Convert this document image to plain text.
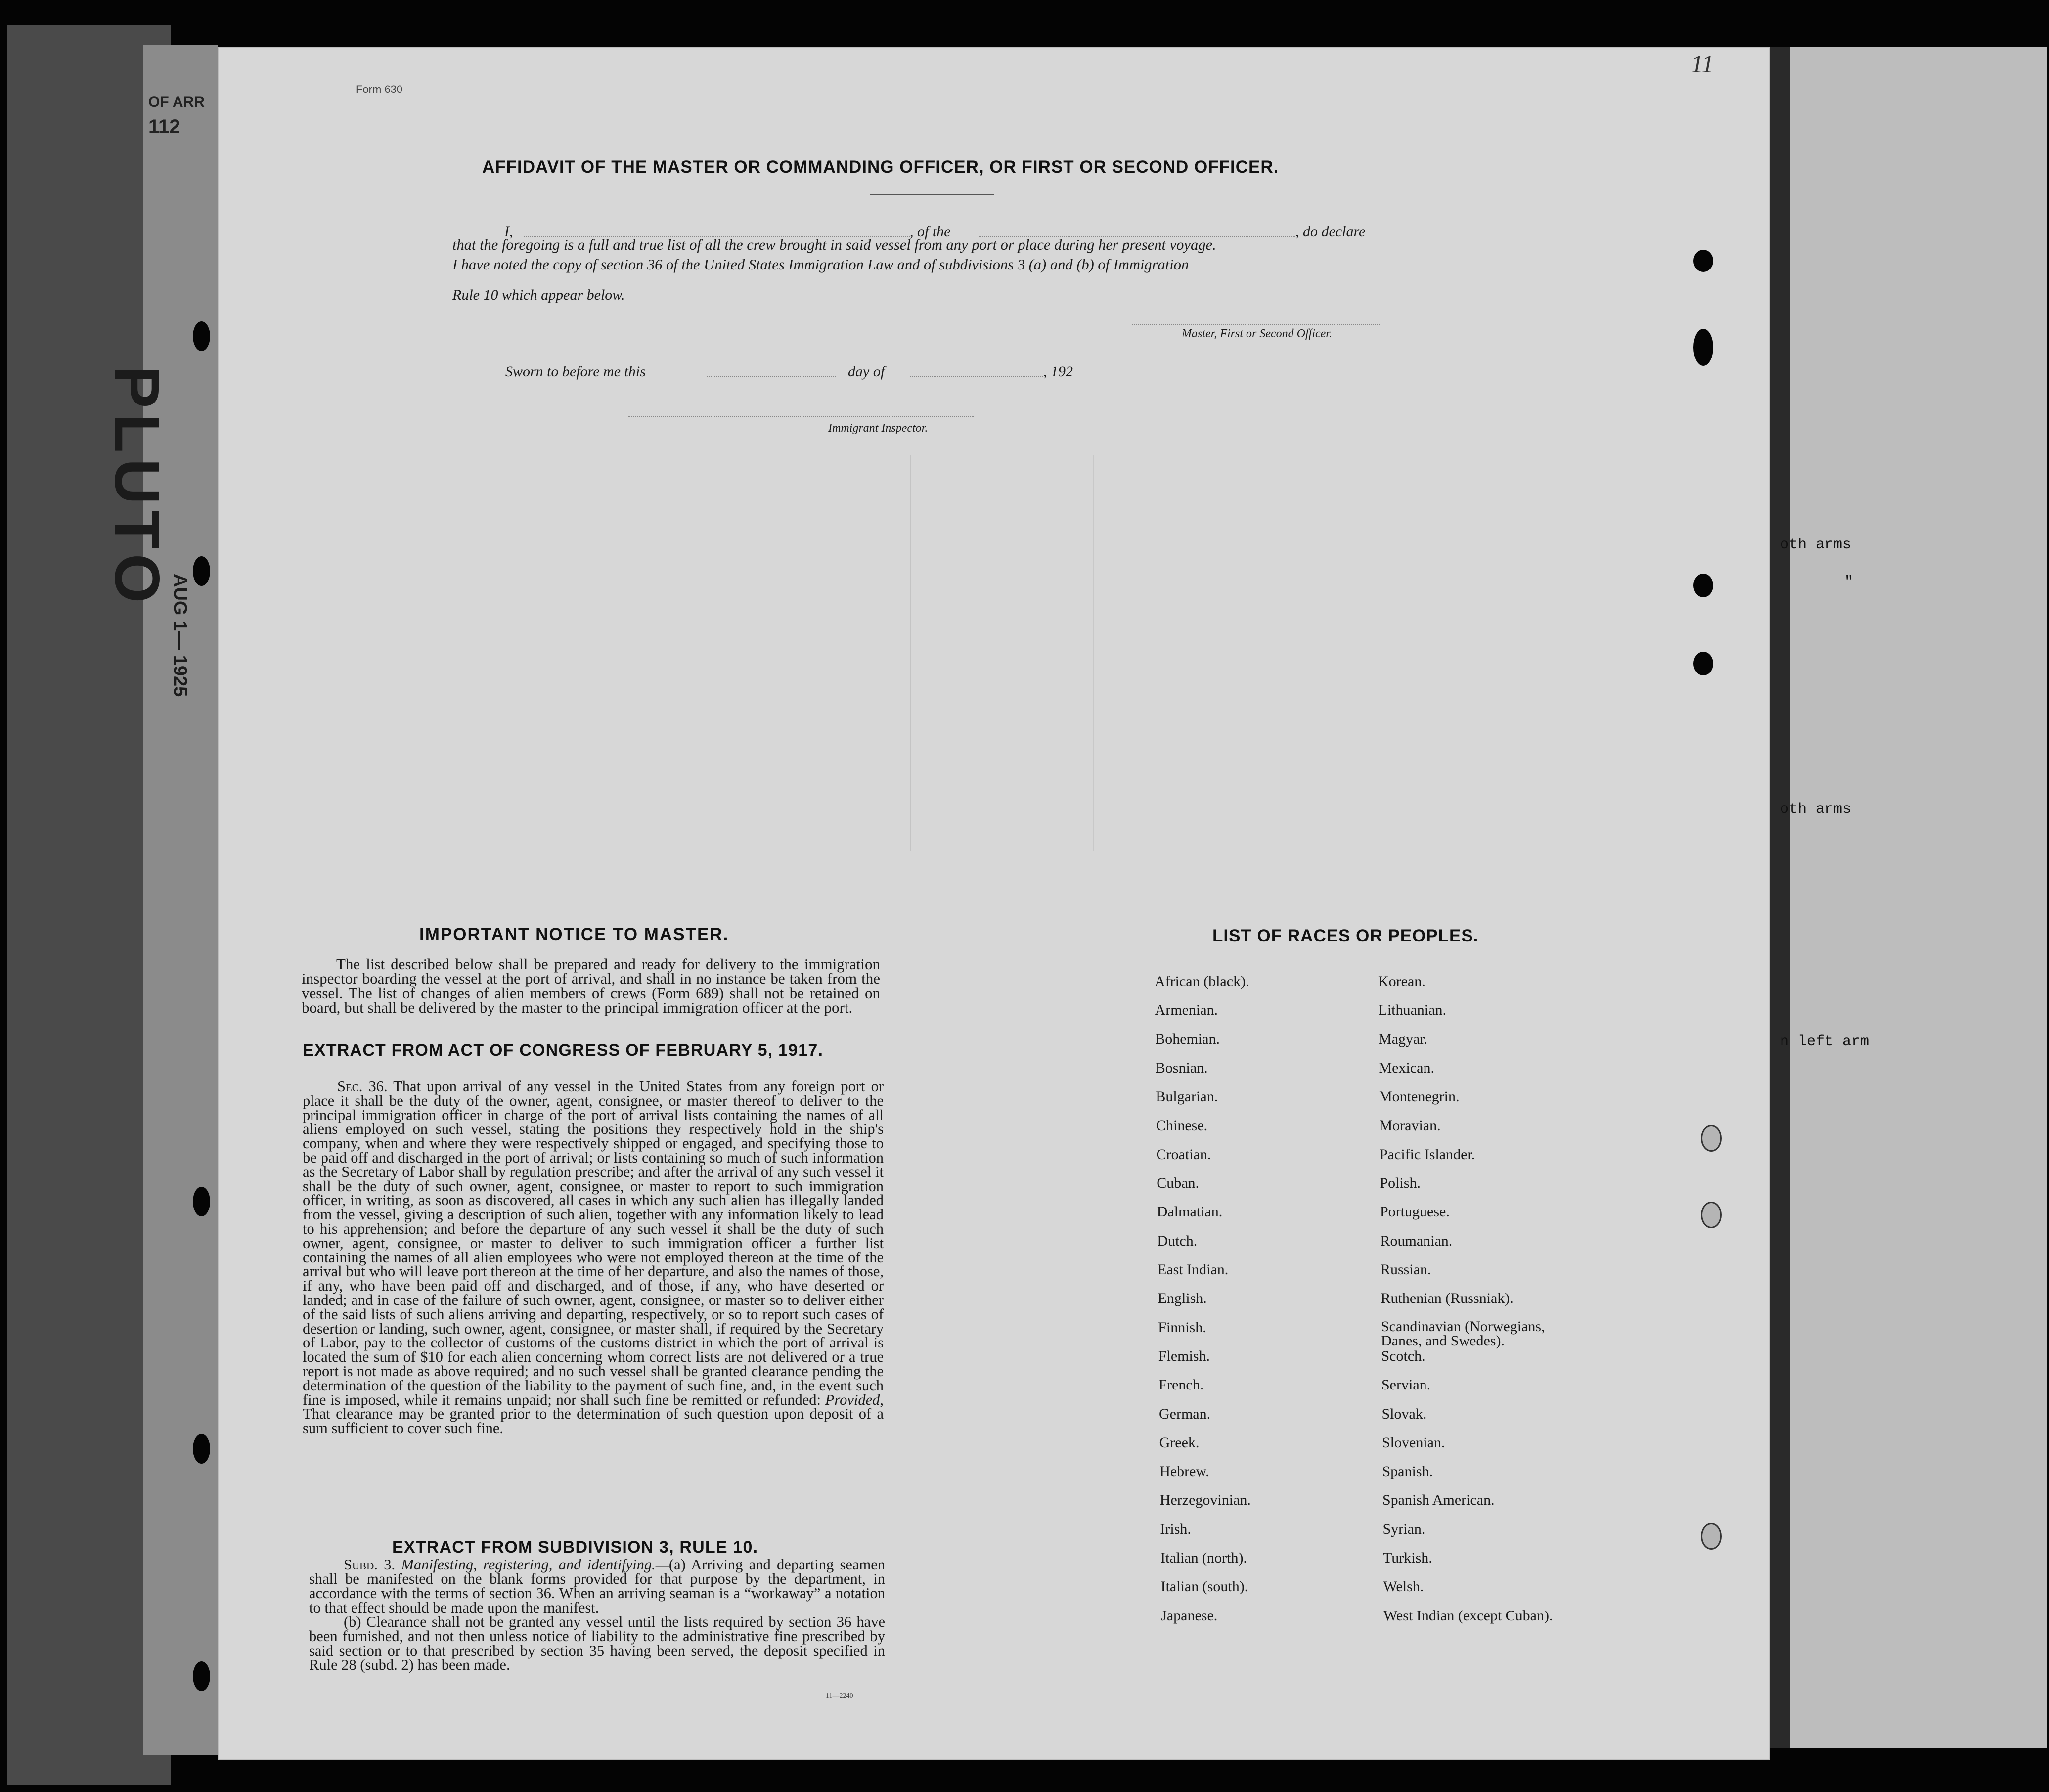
OF ARR
112
oth arms
"
oth arms
n left arm
Form 630
11
PLUTO
AUG 1— 1925
AFFIDAVIT OF THE MASTER OR COMMANDING OFFICER, OR FIRST OR SECOND OFFICER.
I,	, of the	, do declare
that the foregoing is a full and true list of all the crew brought in said vessel from any port or place during her present voyage.
I have noted the copy of section 36 of the United States Immigration Law and of subdivisions 3 (a) and (b) of Immigration
Rule 10 which appear below.
Master, First or Second Officer.
Sworn to before me this	day of	, 192
Immigrant Inspector.
IMPORTANT NOTICE TO MASTER.
The list described below shall be prepared and ready for delivery to the immigration inspector boarding the vessel at the port of arrival, and shall in no instance be taken from the vessel. The list of changes of alien members of crews (Form 689) shall not be retained on board, but shall be delivered by the master to the principal immigration officer at the port.
EXTRACT FROM ACT OF CONGRESS OF FEBRUARY 5, 1917.
Sec. 36. That upon arrival of any vessel in the United States from any foreign port or place it shall be the duty of the owner, agent, consignee, or master thereof to deliver to the principal immigration officer in charge of the port of arrival lists containing the names of all aliens employed on such vessel, stating the positions they respectively hold in the ship's company, when and where they were respectively shipped or engaged, and specifying those to be paid off and discharged in the port of arrival; or lists containing so much of such information as the Secretary of Labor shall by regulation prescribe; and after the arrival of any such vessel it shall be the duty of such owner, agent, consignee, or master to report to such immigration officer, in writing, as soon as discovered, all cases in which any such alien has illegally landed from the vessel, giving a description of such alien, together with any information likely to lead to his apprehension; and before the departure of any such vessel it shall be the duty of such owner, agent, consignee, or master to deliver to such immigration officer a further list containing the names of all alien employees who were not employed thereon at the time of the arrival but who will leave port thereon at the time of her departure, and also the names of those, if any, who have been paid off and discharged, and of those, if any, who have deserted or landed; and in case of the failure of such owner, agent, consignee, or master so to deliver either of the said lists of such aliens arriving and departing, respectively, or so to report such cases of desertion or landing, such owner, agent, consignee, or master shall, if required by the Secretary of Labor, pay to the collector of customs of the customs district in which the port of arrival is located the sum of $10 for each alien concerning whom correct lists are not delivered or a true report is not made as above required; and no such vessel shall be granted clearance pending the determination of the question of the liability to the payment of such fine, and, in the event such fine is imposed, while it remains unpaid; nor shall such fine be remitted or refunded: Provided, That clearance may be granted prior to the determination of such question upon deposit of a sum sufficient to cover such fine.
EXTRACT FROM SUBDIVISION 3, RULE 10.
Subd. 3. Manifesting, registering, and identifying.—(a) Arriving and departing seamen shall be manifested on the blank forms provided for that purpose by the department, in accordance with the terms of section 36. When an arriving seaman is a “workaway” a notation to that effect should be made upon the manifest.
(b) Clearance shall not be granted any vessel until the lists required by section 36 have been furnished, and not then unless notice of liability to the administrative fine prescribed by said section or to that prescribed by section 35 having been served, the deposit specified in Rule 28 (subd. 2) has been made.
11—2240
LIST OF RACES OR PEOPLES.
African (black).
Armenian.
Bohemian.
Bosnian.
Bulgarian.
Chinese.
Croatian.
Cuban.
Dalmatian.
Dutch.
East Indian.
English.
Finnish.
Flemish.
French.
German.
Greek.
Hebrew.
Herzegovinian.
Irish.
Italian (north).
Italian (south).
Japanese.
Korean.
Lithuanian.
Magyar.
Mexican.
Montenegrin.
Moravian.
Pacific Islander.
Polish.
Portuguese.
Roumanian.
Russian.
Ruthenian (Russniak).
Scandinavian (Norwegians, Danes, and Swedes).
Scotch.
Servian.
Slovak.
Slovenian.
Spanish.
Spanish American.
Syrian.
Turkish.
Welsh.
West Indian (except Cuban).
